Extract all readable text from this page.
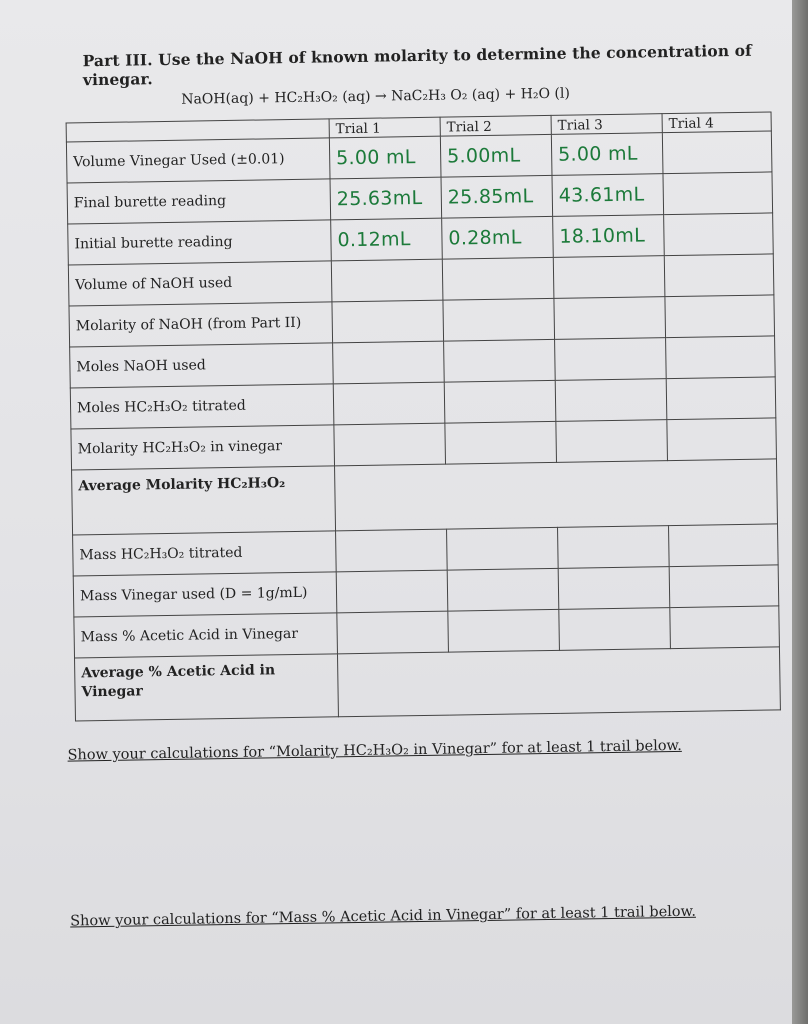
Part III. Use the NaOH of known molarity to determine the concentration of vinegar.
NaOH(aq) + HC₂H₃O₂ (aq) → NaC₂H₃ O₂ (aq) + H₂O (l)
	Trial 1	Trial 2	Trial 3	Trial 4
Volume Vinegar Used (±0.01)	5.00 mL	5.00mL	5.00 mL	
Final burette reading	25.63mL	25.85mL	43.61mL	
Initial burette reading	0.12mL	0.28mL	18.10mL	
Volume of NaOH used				
Molarity of NaOH (from Part II)				
Moles NaOH used				
Moles HC₂H₃O₂ titrated				
Molarity HC₂H₃O₂ in vinegar				
Average Molarity HC₂H₃O₂				
Mass HC₂H₃O₂ titrated				
Mass Vinegar used (D = 1g/mL)				
Mass % Acetic Acid in Vinegar				
Average % Acetic Acid in Vinegar				
Show your calculations for “Molarity HC₂H₃O₂ in Vinegar” for at least 1 trail below.
Show your calculations for “Mass % Acetic Acid in Vinegar” for at least 1 trail below.
